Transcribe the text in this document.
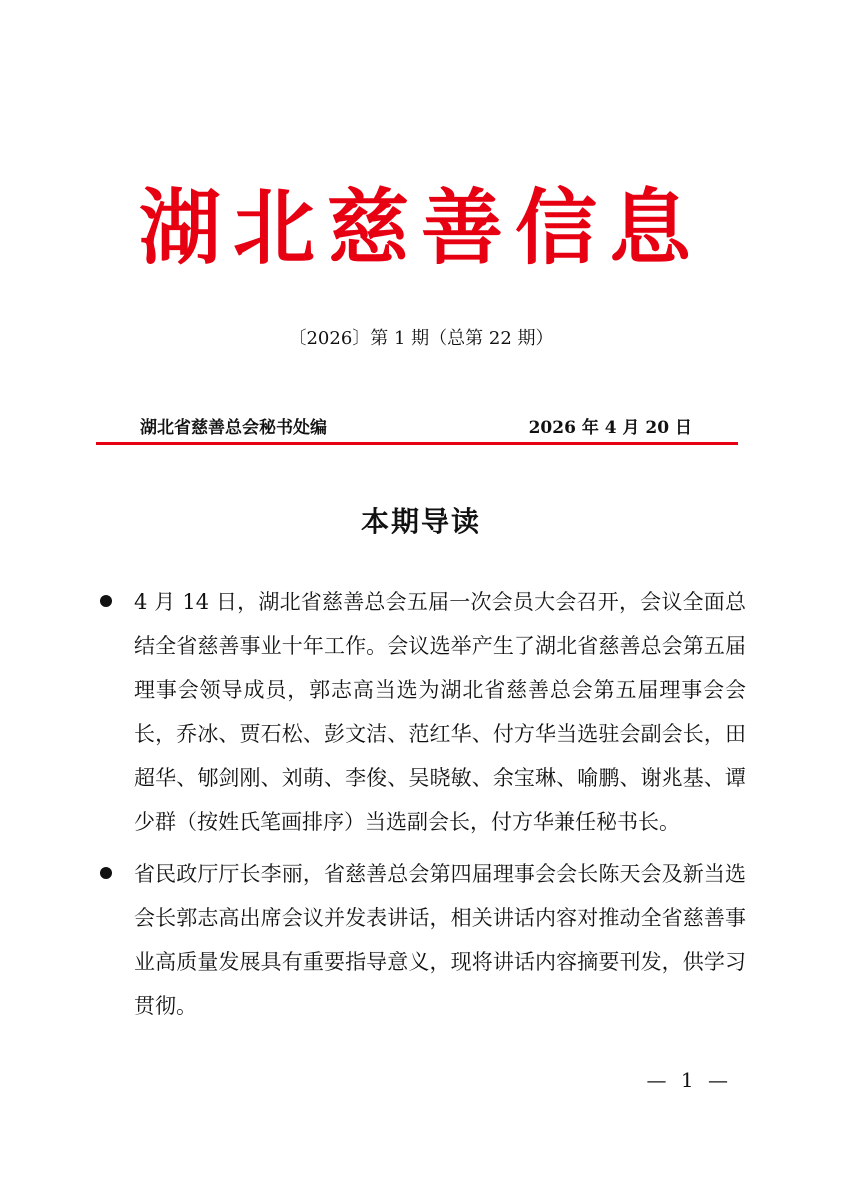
湖北慈善信息
〔2026〕第 1 期（总第 22 期）
湖北省慈善总会秘书处编	2026 年 4 月 20 日
本期导读
4 月 14 日，湖北省慈善总会五届一次会员大会召开，会议全面总结全省慈善事业十年工作。会议选举产生了湖北省慈善总会第五届理事会领导成员，郭志高当选为湖北省慈善总会第五届理事会会长，乔冰、贾石松、彭文洁、范红华、付方华当选驻会副会长，田超华、郇剑刚、刘萌、李俊、吴晓敏、余宝琳、喻鹏、谢兆基、谭少群（按姓氏笔画排序）当选副会长，付方华兼任秘书长。
省民政厅厅长李丽，省慈善总会第四届理事会会长陈天会及新当选会长郭志高出席会议并发表讲话，相关讲话内容对推动全省慈善事业高质量发展具有重要指导意义，现将讲话内容摘要刊发，供学习贯彻。
— 1 —
